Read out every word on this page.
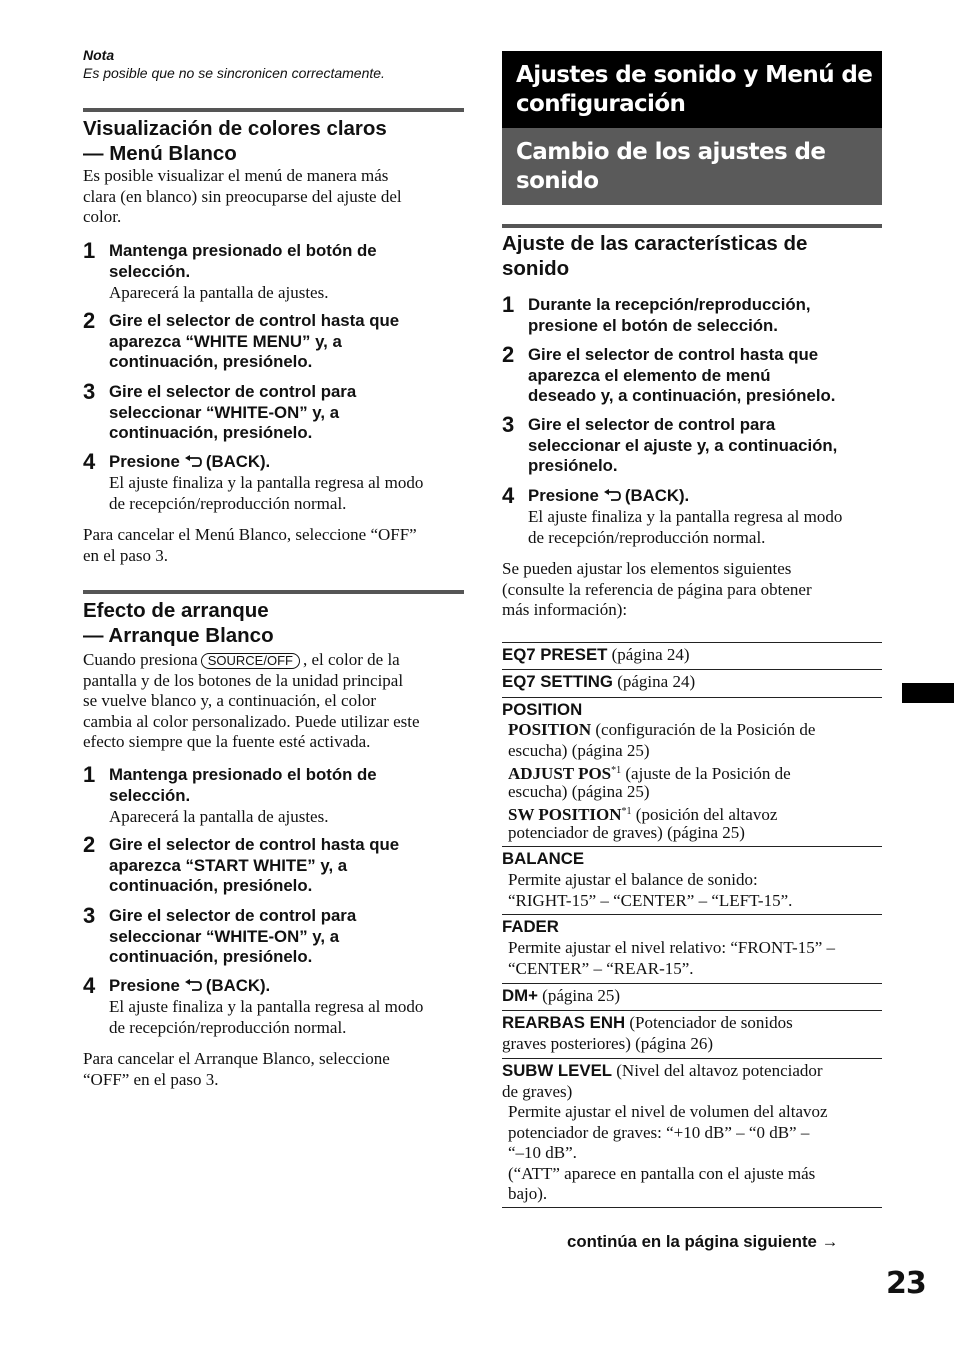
Nota
Es posible que no se sincronicen correctamente.
Visualización de colores claros
— Menú Blanco
Es posible visualizar el menú de manera más
clara (en blanco) sin preocuparse del ajuste del
color.
1 Mantenga presionado el botón de
selección.
Aparecerá la pantalla de ajustes.
2 Gire el selector de control hasta que
aparezca “WHITE MENU” y, a
continuación, presiónelo.
3 Gire el selector de control para
seleccionar “WHITE-ON” y, a
continuación, presiónelo.
4 Presione (BACK).
El ajuste finaliza y la pantalla regresa al modo
de recepción/reproducción normal.
Para cancelar el Menú Blanco, seleccione “OFF”
en el paso 3.
Efecto de arranque
— Arranque Blanco
Cuando presiona SOURCE/OFF , el color de la
pantalla y de los botones de la unidad principal
se vuelve blanco y, a continuación, el color
cambia al color personalizado. Puede utilizar este
efecto siempre que la fuente esté activada.
1 Mantenga presionado el botón de
selección.
Aparecerá la pantalla de ajustes.
2 Gire el selector de control hasta que
aparezca “START WHITE” y, a
continuación, presiónelo.
3 Gire el selector de control para
seleccionar “WHITE-ON” y, a
continuación, presiónelo.
4 Presione (BACK).
El ajuste finaliza y la pantalla regresa al modo
de recepción/reproducción normal.
Para cancelar el Arranque Blanco, seleccione
“OFF” en el paso 3.
Ajustes de sonido y Menú de
configuración
Cambio de los ajustes de
sonido
Ajuste de las características de
sonido
1 Durante la recepción/reproducción,
presione el botón de selección.
2 Gire el selector de control hasta que
aparezca el elemento de menú
deseado y, a continuación, presiónelo.
3 Gire el selector de control para
seleccionar el ajuste y, a continuación,
presiónelo.
4 Presione (BACK).
El ajuste finaliza y la pantalla regresa al modo
de recepción/reproducción normal.
Se pueden ajustar los elementos siguientes
(consulte la referencia de página para obtener
más información):
EQ7 PRESET (página 24)
EQ7 SETTING (página 24)
POSITION
POSITION (configuración de la Posición de
escucha) (página 25)
ADJUST POS$^{*1}$ (ajuste de la Posición de
escucha) (página 25)
SW POSITION$^{*1}$ (posición del altavoz
potenciador de graves) (página 25)
BALANCE
Permite ajustar el balance de sonido:
“RIGHT-15” – “CENTER” – “LEFT-15”.
FADER
Permite ajustar el nivel relativo: “FRONT-15” –
“CENTER” – “REAR-15”.
DM+ (página 25)
REARBAS ENH (Potenciador de sonidos
graves posteriores) (página 26)
SUBW LEVEL (Nivel del altavoz potenciador
de graves)
Permite ajustar el nivel de volumen del altavoz
potenciador de graves: “+10 dB” – “0 dB” –
“–10 dB”.
(“ATT” aparece en pantalla con el ajuste más
bajo).
continúa en la página siguiente →
23
